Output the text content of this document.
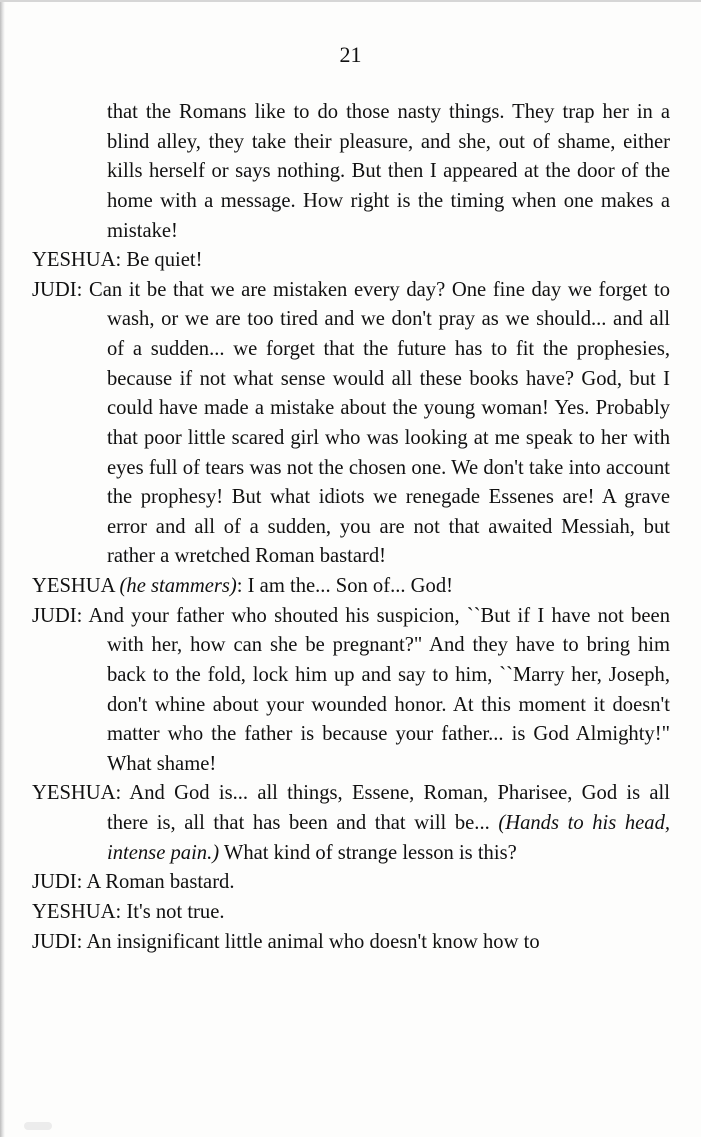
21

that the Romans like to do those nasty things. They trap her in a blind alley, they take their pleasure, and she, out of shame, either kills herself or says nothing. But then I appeared at the door of the home with a message. How right is the timing when one makes a mistake!

YESHUA: Be quiet!

JUDI: Can it be that we are mistaken every day? One fine day we forget to wash, or we are too tired and we don't pray as we should... and all of a sudden... we forget that the future has to fit the prophesies, because if not what sense would all these books have? God, but I could have made a mistake about the young woman! Yes. Probably that poor little scared girl who was looking at me speak to her with eyes full of tears was not the chosen one. We don't take into account the prophesy! But what idiots we renegade Essenes are! A grave error and all of a sudden, you are not that awaited Messiah, but rather a wretched Roman bastard!

YESHUA (he stammers): I am the... Son of... God!

JUDI: And your father who shouted his suspicion, ``But if I have not been with her, how can she be pregnant?" And they have to bring him back to the fold, lock him up and say to him, ``Marry her, Joseph, don't whine about your wounded honor. At this moment it doesn't matter who the father is because your father... is God Almighty!" What shame!

YESHUA: And God is... all things, Essene, Roman, Pharisee, God is all there is, all that has been and that will be... (Hands to his head, intense pain.) What kind of strange lesson is this?

JUDI: A Roman bastard.

YESHUA: It's not true.

JUDI: An insignificant little animal who doesn't know how to
